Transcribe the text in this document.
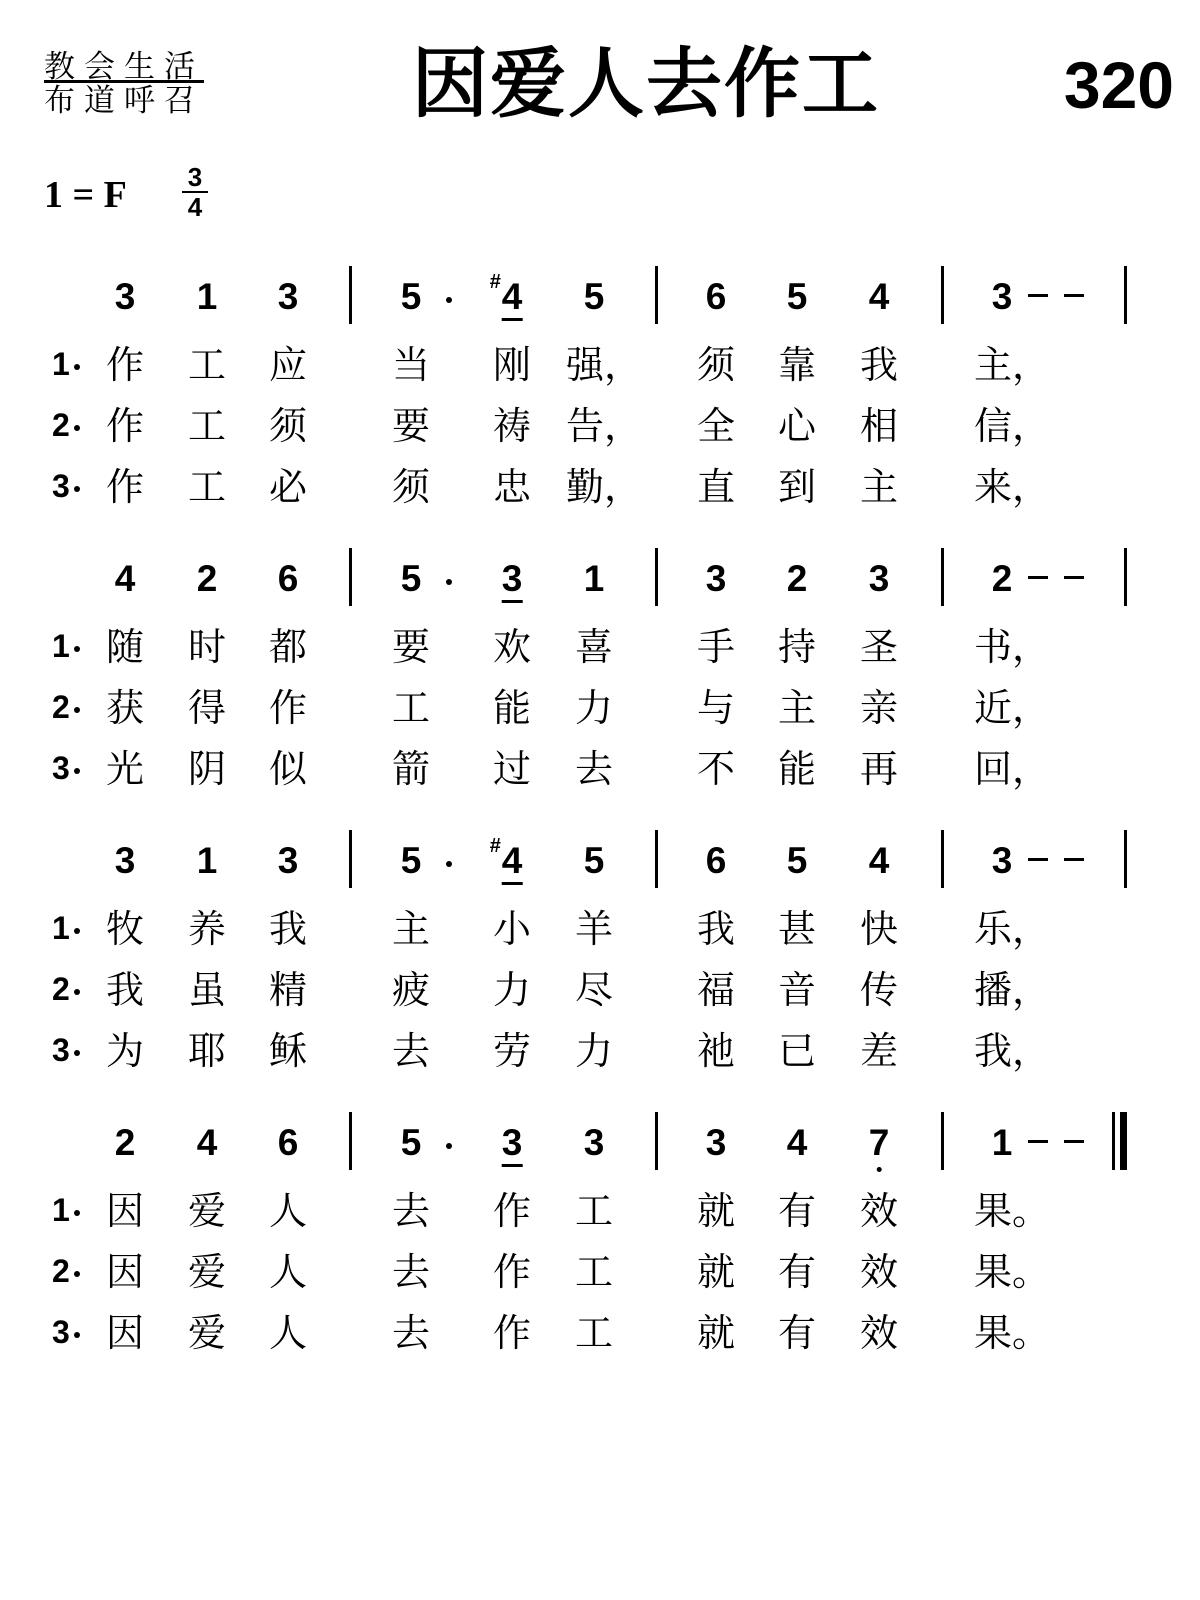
教会生活
布道呼召	因爱人去作工	320
1 = F $\frac{3}{4}$
3 1 3	5 4
# 5	6 5 4	3
1 作 工 应 当 刚 强， 须 靠 我 主，
2 作 工 须 要 祷 告， 全 心 相 信，
3 作 工 必 须 忠 勤， 直 到 主 来，
4 2 6	5 3 1	3 2 3	2
1 随 时 都 要 欢 喜 手 持 圣 书，
2 获 得 作 工 能 力 与 主 亲 近，
3 光 阴 似 箭 过 去 不 能 再 回，
3 1 3	5 4
# 5	6 5 4	3
1 牧 养 我 主 小 羊 我 甚 快 乐，
2 我 虽 精 疲 力 尽 福 音 传 播，
3 为 耶 稣 去 劳 力 祂 已 差 我，
2 4 6	5 3 3	3 4 7	1
1 因 爱 人 去 作 工 就 有 效 果。
2 因 爱 人 去 作 工 就 有 效 果。
3 因 爱 人 去 作 工 就 有 效 果。
